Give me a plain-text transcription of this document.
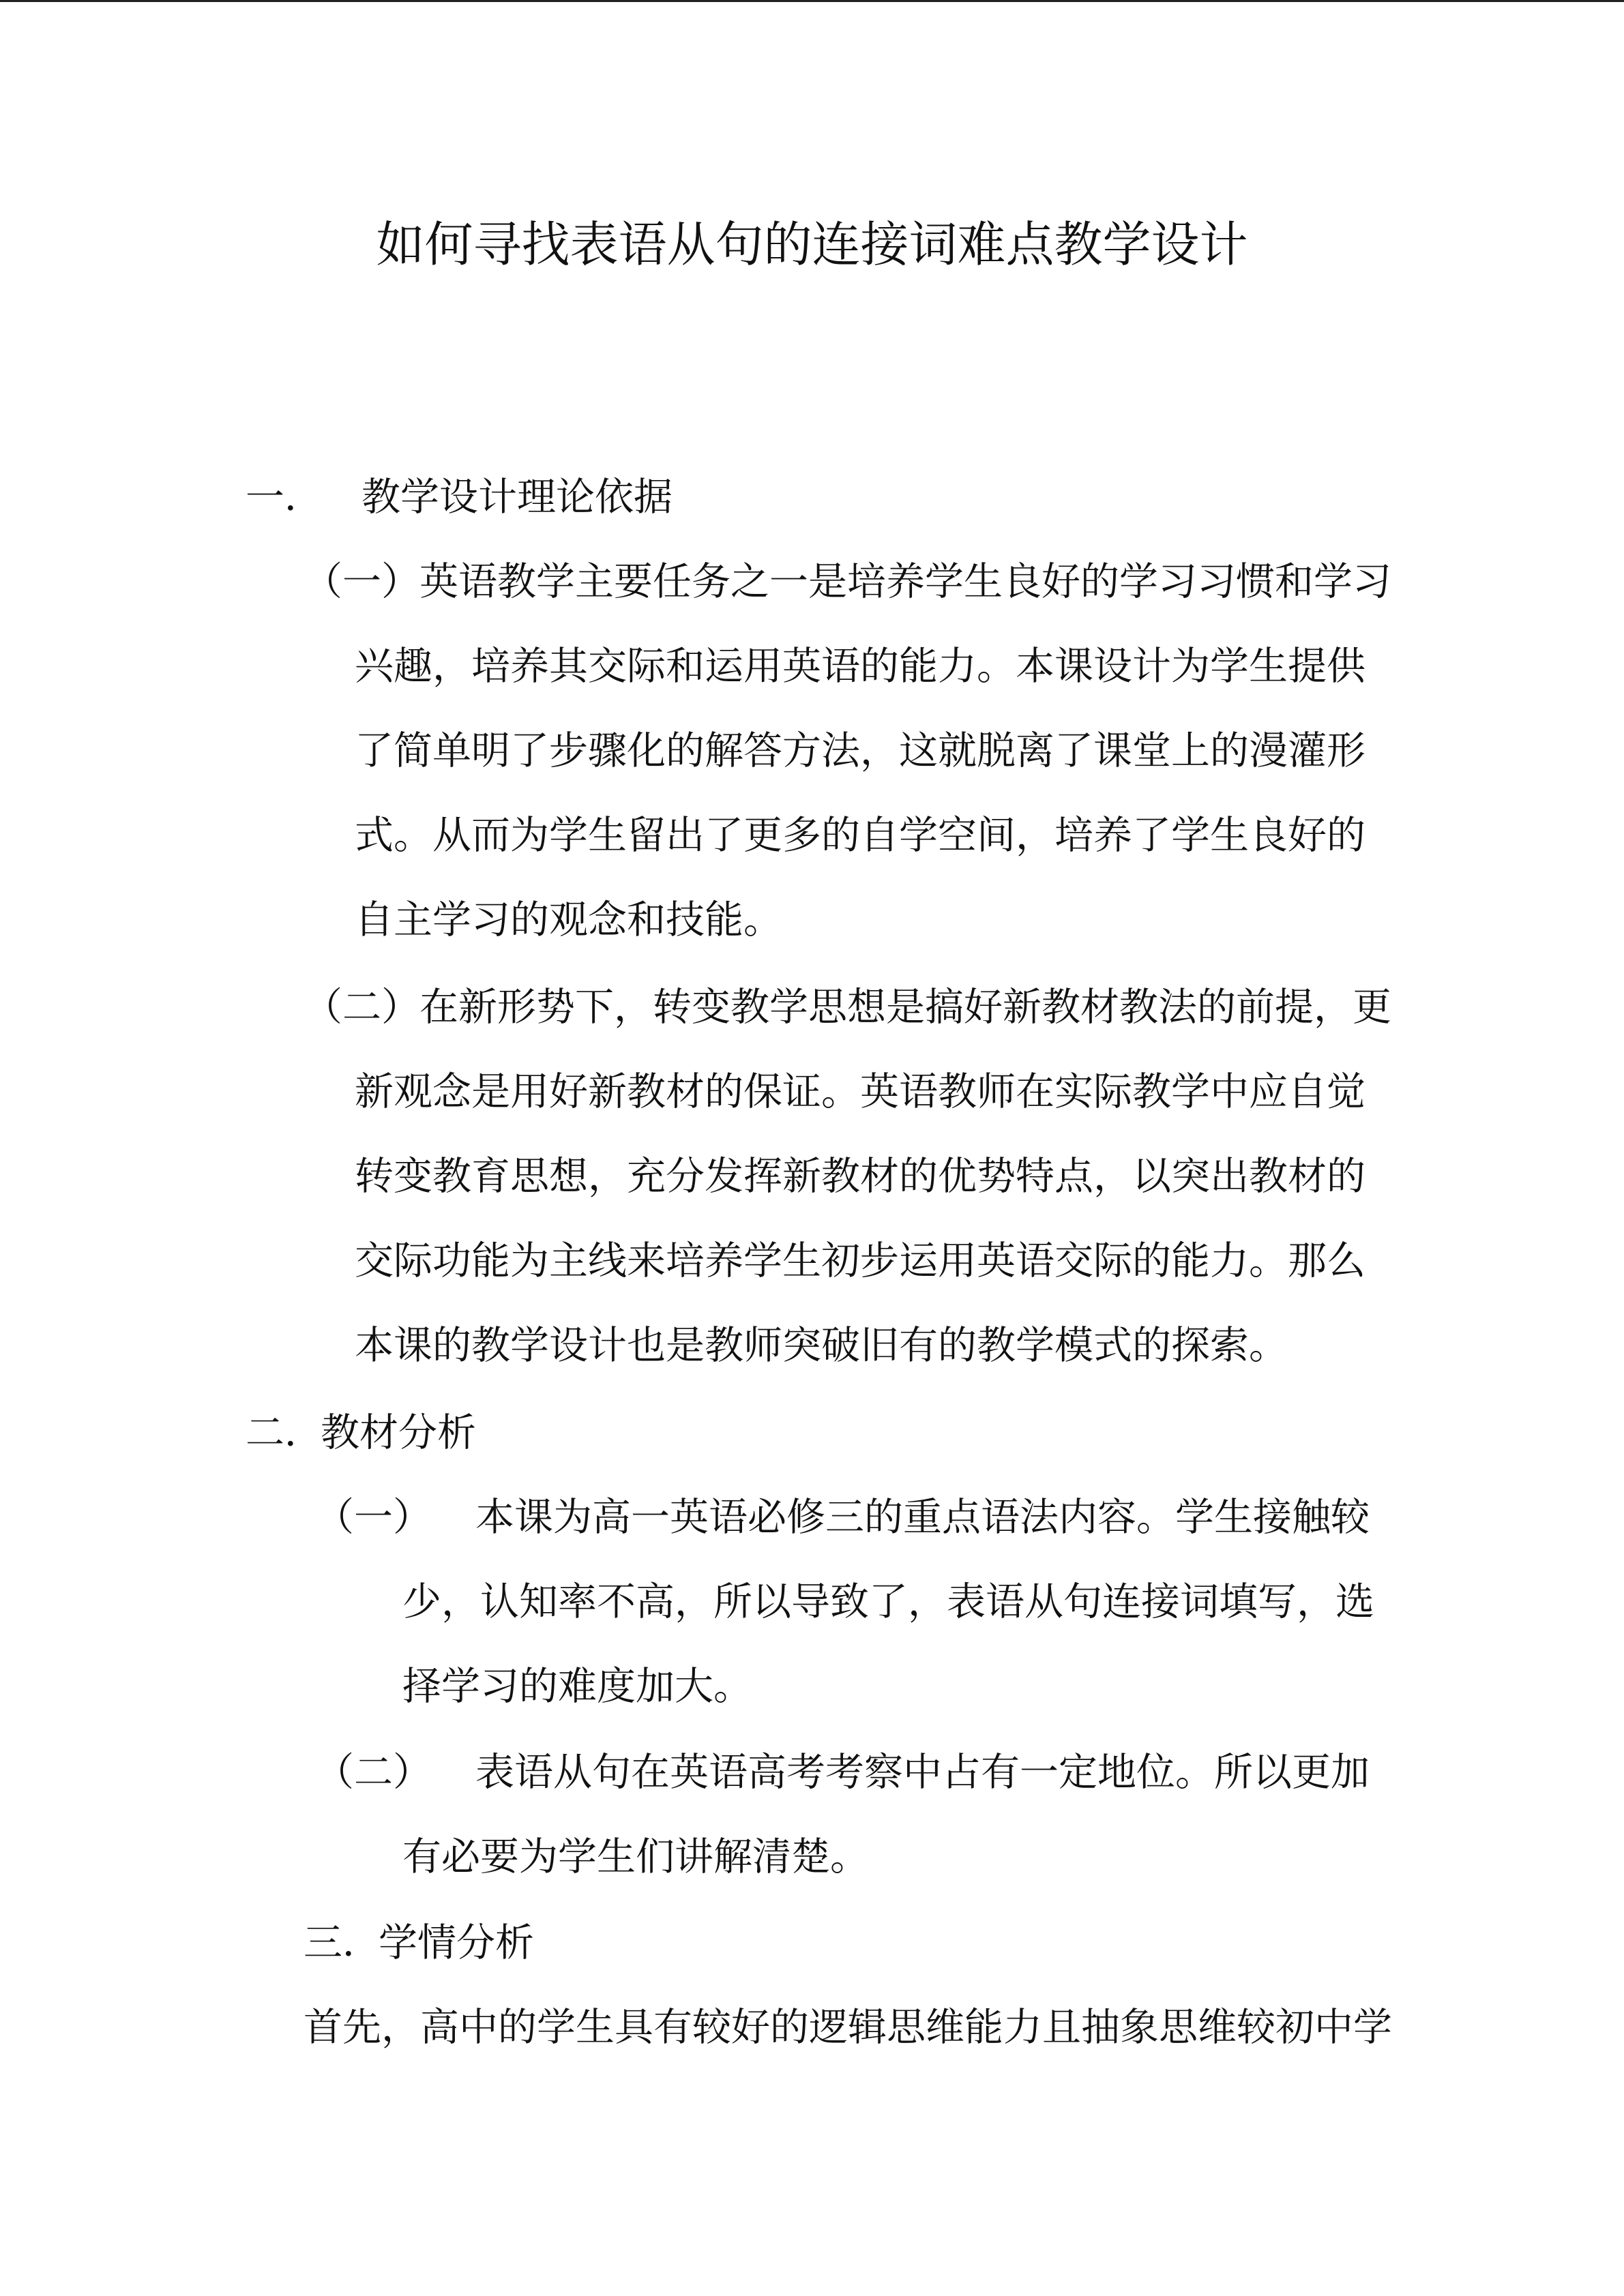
如何寻找表语从句的连接词难点教学设计
一． 教学设计理论依据
（一）英语教学主要任务之一是培养学生良好的学习习惯和学习
兴趣，培养其交际和运用英语的能力。本课设计为学生提供
了简单明了步骤化的解答方法，这就脱离了课堂上的漫灌形
式。从而为学生留出了更多的自学空间，培养了学生良好的
自主学习的观念和技能。
（二）在新形势下，转变教学思想是搞好新教材教法的前提，更
新观念是用好新教材的保证。英语教师在实际教学中应自觉
转变教育思想，充分发挥新教材的优势特点，以突出教材的
交际功能为主线来培养学生初步运用英语交际的能力。那么
本课的教学设计也是教师突破旧有的教学模式的探索。
二．教材分析
（一） 本课为高一英语必修三的重点语法内容。学生接触较
少，认知率不高，所以导致了，表语从句连接词填写，选
择学习的难度加大。
（二） 表语从句在英语高考考察中占有一定地位。所以更加
有必要为学生们讲解清楚。
三．学情分析
首先，高中的学生具有较好的逻辑思维能力且抽象思维较初中学
